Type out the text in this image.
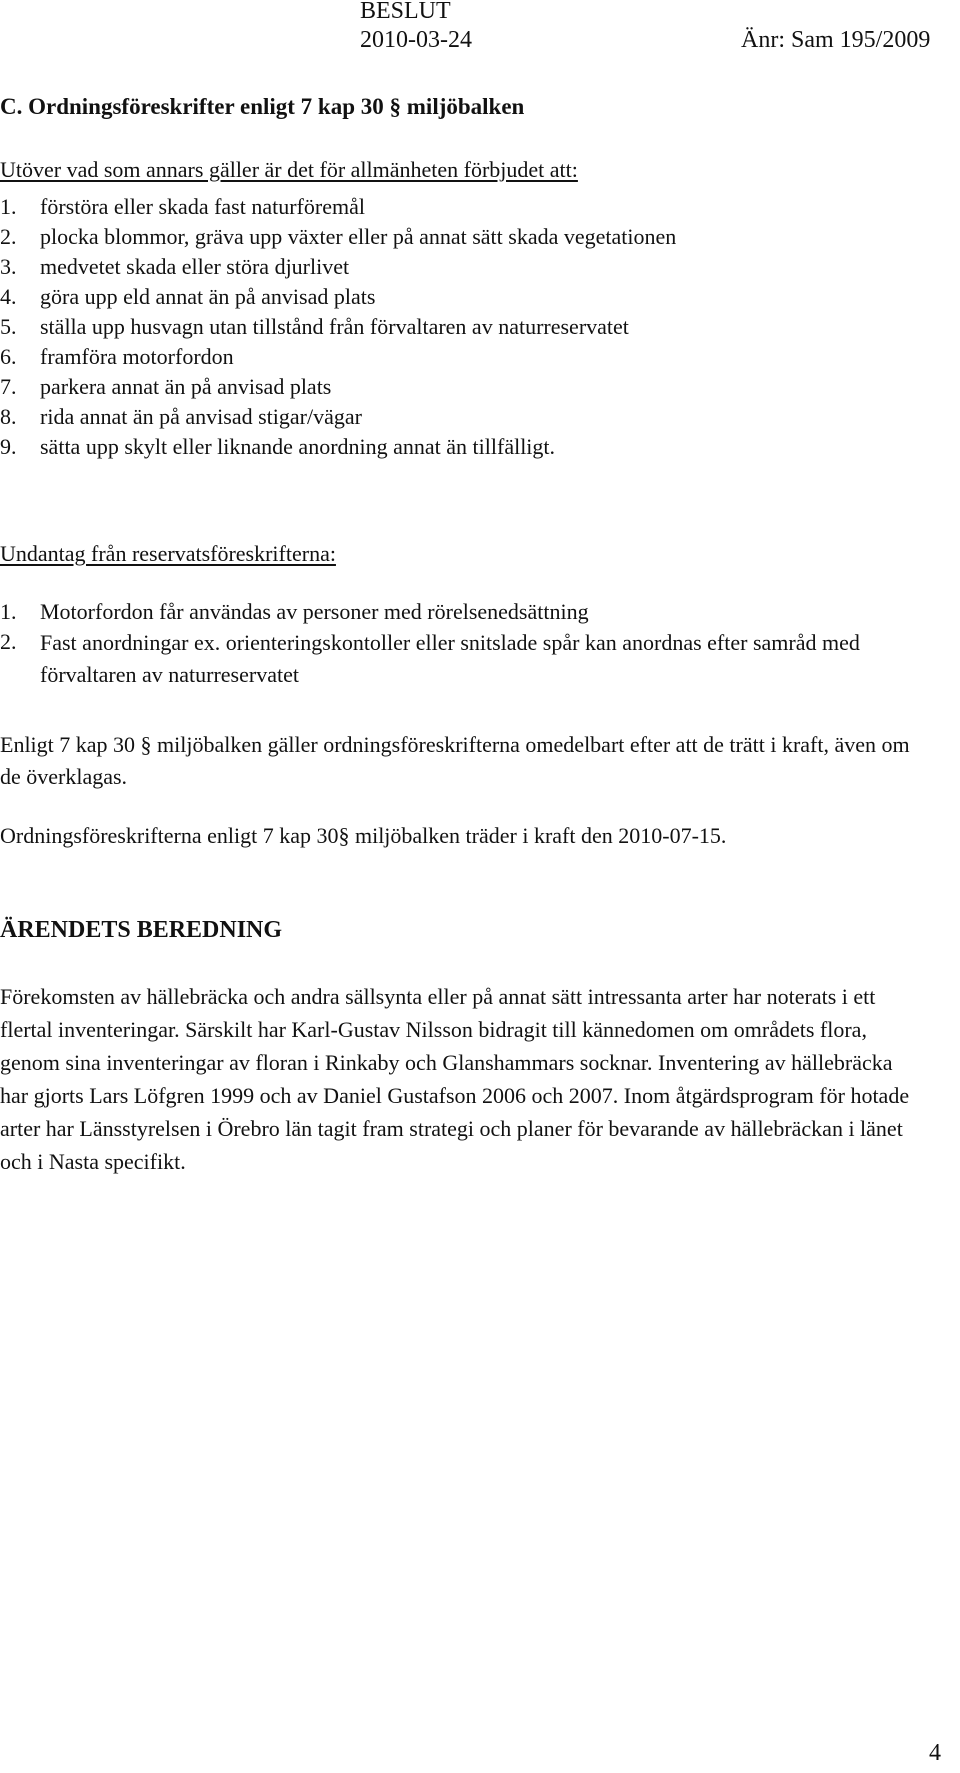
BESLUT
2010-03-24	Änr: Sam 195/2009
C. Ordningsföreskrifter enligt 7 kap 30 § miljöbalken
Utöver vad som annars gäller är det för allmänheten förbjudet att:
1. förstöra eller skada fast naturföremål
2. plocka blommor, gräva upp växter eller på annat sätt skada vegetationen
3. medvetet skada eller störa djurlivet
4. göra upp eld annat än på anvisad plats
5. ställa upp husvagn utan tillstånd från förvaltaren av naturreservatet
6. framföra motorfordon
7. parkera annat än på anvisad plats
8. rida annat än på anvisad stigar/vägar
9. sätta upp skylt eller liknande anordning annat än tillfälligt.
Undantag från reservatsföreskrifterna:
1. Motorfordon får användas av personer med rörelsenedsättning
2. Fast anordningar ex. orienteringskontoller eller snitslade spår kan anordnas efter samråd med förvaltaren av naturreservatet

Enligt 7 kap 30 § miljöbalken gäller ordningsföreskrifterna omedelbart efter att de trätt i kraft, även om de överklagas.

Ordningsföreskrifterna enligt 7 kap 30§ miljöbalken träder i kraft den 2010-07-15.

ÄRENDETS BEREDNING

Förekomsten av hällebräcka och andra sällsynta eller på annat sätt intressanta arter har noterats i ett flertal inventeringar. Särskilt har Karl-Gustav Nilsson bidragit till kännedomen om områdets flora, genom sina inventeringar av floran i Rinkaby och Glanshammars socknar. Inventering av hällebräcka har gjorts Lars Löfgren 1999 och av Daniel Gustafson 2006 och 2007. Inom åtgärdsprogram för hotade arter har Länsstyrelsen i Örebro län tagit fram strategi och planer för bevarande av hällebräckan i länet och i Nasta specifikt.

4
